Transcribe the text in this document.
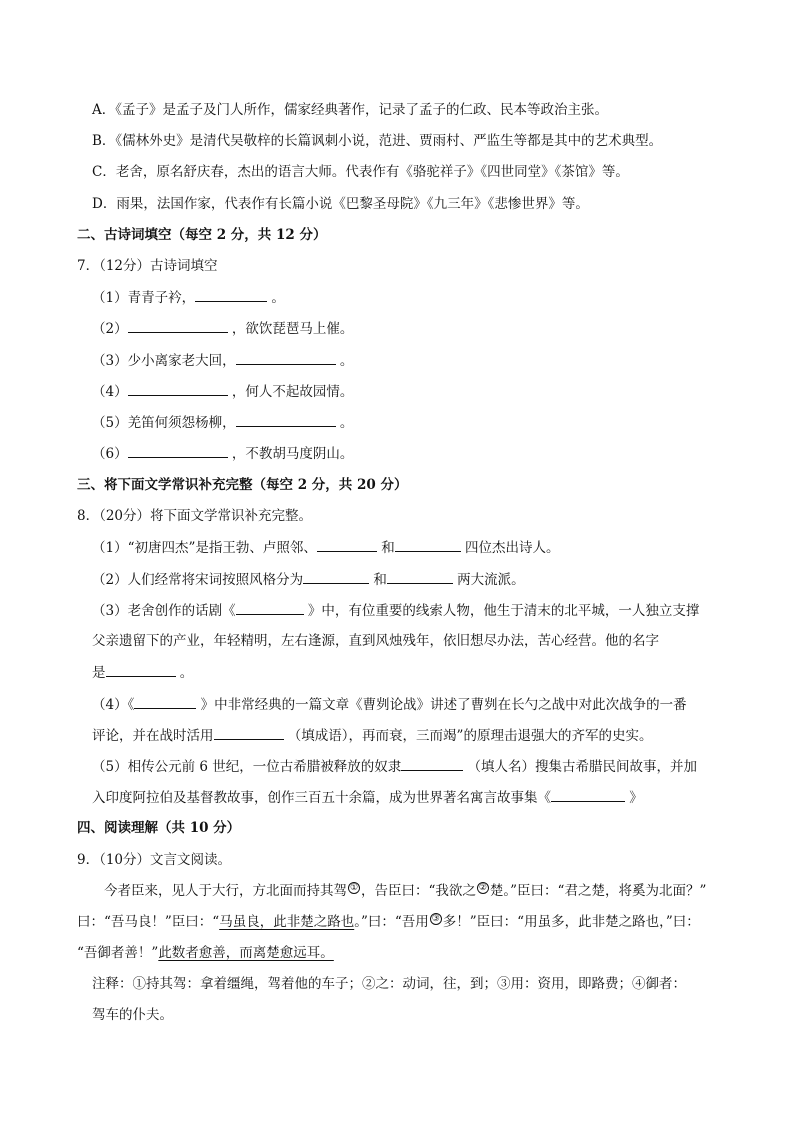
A．《孟子》是孟子及门人所作，儒家经典著作，记录了孟子的仁政、民本等政治主张。
B．《儒林外史》是清代吴敬梓的长篇讽刺小说，范进、贾雨村、严监生等都是其中的艺术典型。
C．老舍，原名舒庆春，杰出的语言大师。代表作有《骆驼祥子》《四世同堂》《茶馆》等。
D．雨果，法国作家，代表作有长篇小说《巴黎圣母院》《九三年》《悲惨世界》等。
二、古诗词填空（每空 2 分，共 12 分）
7．（12分）古诗词填空
（1）青青子衿，	。
（2）	，欲饮琵琶马上催。
（3）少小离家老大回，	。
（4）	，何人不起故园情。
（5）羌笛何须怨杨柳，	。
（6）	，不教胡马度阴山。
三、将下面文学常识补充完整（每空 2 分，共 20 分）
8．（20分）将下面文学常识补充完整。
（1）“初唐四杰”是指王勃、卢照邻、	和	四位杰出诗人。
（2）人们经常将宋词按照风格分为	和	两大流派。
（3）老舍创作的话剧《	》中，有位重要的线索人物，他生于清末的北平城，一人独立支撑
父亲遗留下的产业，年轻精明，左右逢源，直到风烛残年，依旧想尽办法，苦心经营。他的名字
是	。
（4）《	》中非常经典的一篇文章《曹刿论战》讲述了曹刿在长勺之战中对此次战争的一番
评论，并在战时活用	（填成语），再而衰，三而竭”的原理击退强大的齐军的史实。
（5）相传公元前 6 世纪，一位古希腊被释放的奴隶	（填人名）搜集古希腊民间故事，并加
入印度阿拉伯及基督教故事，创作三百五十余篇，成为世界著名寓言故事集《	》
四、阅读理解（共 10 分）
9．（10分）文言文阅读。
今者臣来，见人于大行，方北面而持其驾 ① ，告臣曰：“我欲之 ② 楚。”臣曰：“君之楚，将奚为北面？”
曰：“吾马良！”臣曰：“马虽良，此非楚之路也。”曰：“吾用 ③ 多！”臣曰：“用虽多，此非楚之路也，”曰：
“吾御者善！”此数者愈善，而离楚愈远耳。
注释：①持其驾：拿着缰绳，驾着他的车子；②之：动词，往，到；③用：资用，即路费；④御者：
驾车的仆夫。
